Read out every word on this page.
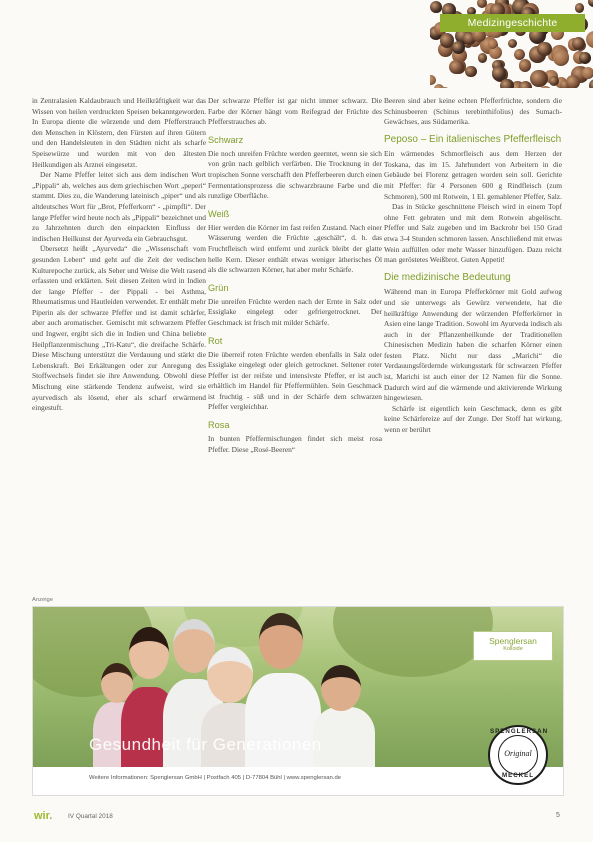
Medizingeschichte

in Zentralasien Kaldaubrauch und Heilkräftigkeit war das Wissen von heilen verdruckten Speisen bekanntgeworden. In Europa diente die würzende und dem Pfefferstrauch den Menschen in Klöstern, den Fürsten auf ihren Gütern und den Handelsleuten in den Städten nicht als scharfe Speisewürze und wurden mit von den ältesten Heilkundigen als Arznei eingesetzt.

Der Name Pfeffer leitet sich aus dem indischen Wort „Pippali“ ab, welches aus dem griechischen Wort „peperi“ stammt. Dies zu, die Wanderung lateinisch „piper“ und als altdeutsches Wort für „Brot, Pfefferkorn“ - „pimpfli“. Der lange Pfeffer wird heute noch als „Pippali“ bezeichnet und zu Jahrzehnten durch den einpackten Einfluss der indischen Heilkunst der Ayurveda ein Gebrauchsgut.

Übersetzt heißt „Ayurveda“ die „Wissenschaft vom gesunden Leben“ und geht auf die Zeit der vedischen Kulturepoche zurück, als Seher und Weise die Welt rasend erfassten und erklärten. Seit diesen Zeiten wird in Indien der lange Pfeffer - der Pippali - bei Asthma, Rheumatismus und Hautleiden verwendet. Er enthält mehr Piperin als der schwarze Pfeffer und ist damit schärfer, aber auch aromatischer. Gemischt mit schwarzem Pfeffer und Ingwer, ergibt sich die in Indien und China beliebte Heilpflanzenmischung „Tri-Katu“, die dreifache Schärfe. Diese Mischung unterstützt die Verdauung und stärkt die Lebenskraft. Bei Erkältungen oder zur Anregung des Stoffwechsels findet sie ihre Anwendung. Obwohl diese Mischung eine stärkende Tendenz aufweist, wird sie ayurvedisch als lösend, eher als scharf erwärmend eingestuft.

Der schwarze Pfeffer ist gar nicht immer schwarz. Die Farbe der Körner hängt vom Reifegrad der Früchte des Pfefferstrauches ab.

Schwarz

Die noch unreifen Früchte werden geerntet, wenn sie sich von grün nach gelblich verfärben. Die Trocknung in der tropischen Sonne verschafft den Pfefferbeeren durch einen Fermentationsprozess die schwarzbraune Farbe und die runzlige Oberfläche.

Weiß

Hier werden die Körner im fast reifen Zustand. Nach einer Wässerung werden die Früchte „geschält“, d. h. das Fruchtfleisch wird entfernt und zurück bleibt der glatte helle Kern. Dieser enthält etwas weniger ätherisches Öl als die schwarzen Körner, hat aber mehr Schärfe.

Grün

Die unreifen Früchte werden nach der Ernte in Salz oder Essiglake eingelegt oder gefriergetrocknet. Der Geschmack ist frisch mit milder Schärfe.

Rot

Die überreif roten Früchte werden ebenfalls in Salz oder Essiglake eingelegt oder gleich getrocknet. Seltener roter Pfeffer ist der reifste und intensivste Pfeffer, er ist auch erhältlich im Handel für Pfeffermühlen. Sein Geschmack ist fruchtig - süß und in der Schärfe dem schwarzen Pfeffer vergleichbar.

Rosa

In bunten Pfeffermischungen findet sich meist rosa Pfeffer. Diese „Rosé-Beeren“

Beeren sind aber keine echten Pfefferfrüchte, sondern die Schinusbeeren (Schinus terebinthifolius) des Sumach-Gewächses, aus Südamerika.

Peposo – Ein italienisches Pfefferfleisch

Ein wärmendes Schmorfleisch aus dem Herzen der Toskana, das im 15. Jahrhundert von Arbeitern in die Gebäude bei Florenz getragen worden sein soll. Gerichte mit Pfeffer: für 4 Personen 600 g Rindfleisch (zum Schmoren), 500 ml Rotwein, 1 El. gemahlener Pfeffer, Salz.

Das in Stücke geschnittene Fleisch wird in einem Topf ohne Fett gebraten und mit dem Rotwein abgelöscht. Pfeffer und Salz zugeben und im Backrohr bei 150 Grad etwa 3-4 Stunden schmoren lassen. Anschließend mit etwas Wein auffüllen oder mehr Wasser hinzufügen. Dazu reicht man geröstetes Weißbrot. Guten Appetit!

Die medizinische Bedeutung

Während man in Europa Pfefferkörner mit Gold aufwog und sie unterwegs als Gewürz verwendete, hat die heilkräftige Anwendung der würzenden Pfefferkörner in Asien eine lange Tradition. Sowohl im Ayurveda indisch als auch in der Pflanzenheilkunde der Traditionellen Chinesischen Medizin haben die scharfen Körner einen festen Platz. Nicht nur dass „Marichi“ die Verdauungsfördernde wirkungsstark für schwarzen Pfeffer ist, Marichi ist auch einer der 12 Namen für die Sonne. Dadurch wird auf die wärmende und aktivierende Wirkung hingewiesen.

Schärfe ist eigentlich kein Geschmack, denn es gibt keine Schärfereize auf der Zunge. Der Stoff hat wirkung, wenn er berührt

Anzeige
Spenglersan
Kolloide
Gesundheit für Generationen
SPENGLERSAN
Original
MECKEL
Weitere Informationen: Spenglersan GmbH | Postfach 405 | D-77804 Bühl | www.spenglersan.de
wir. IV Quartal 2018	5
